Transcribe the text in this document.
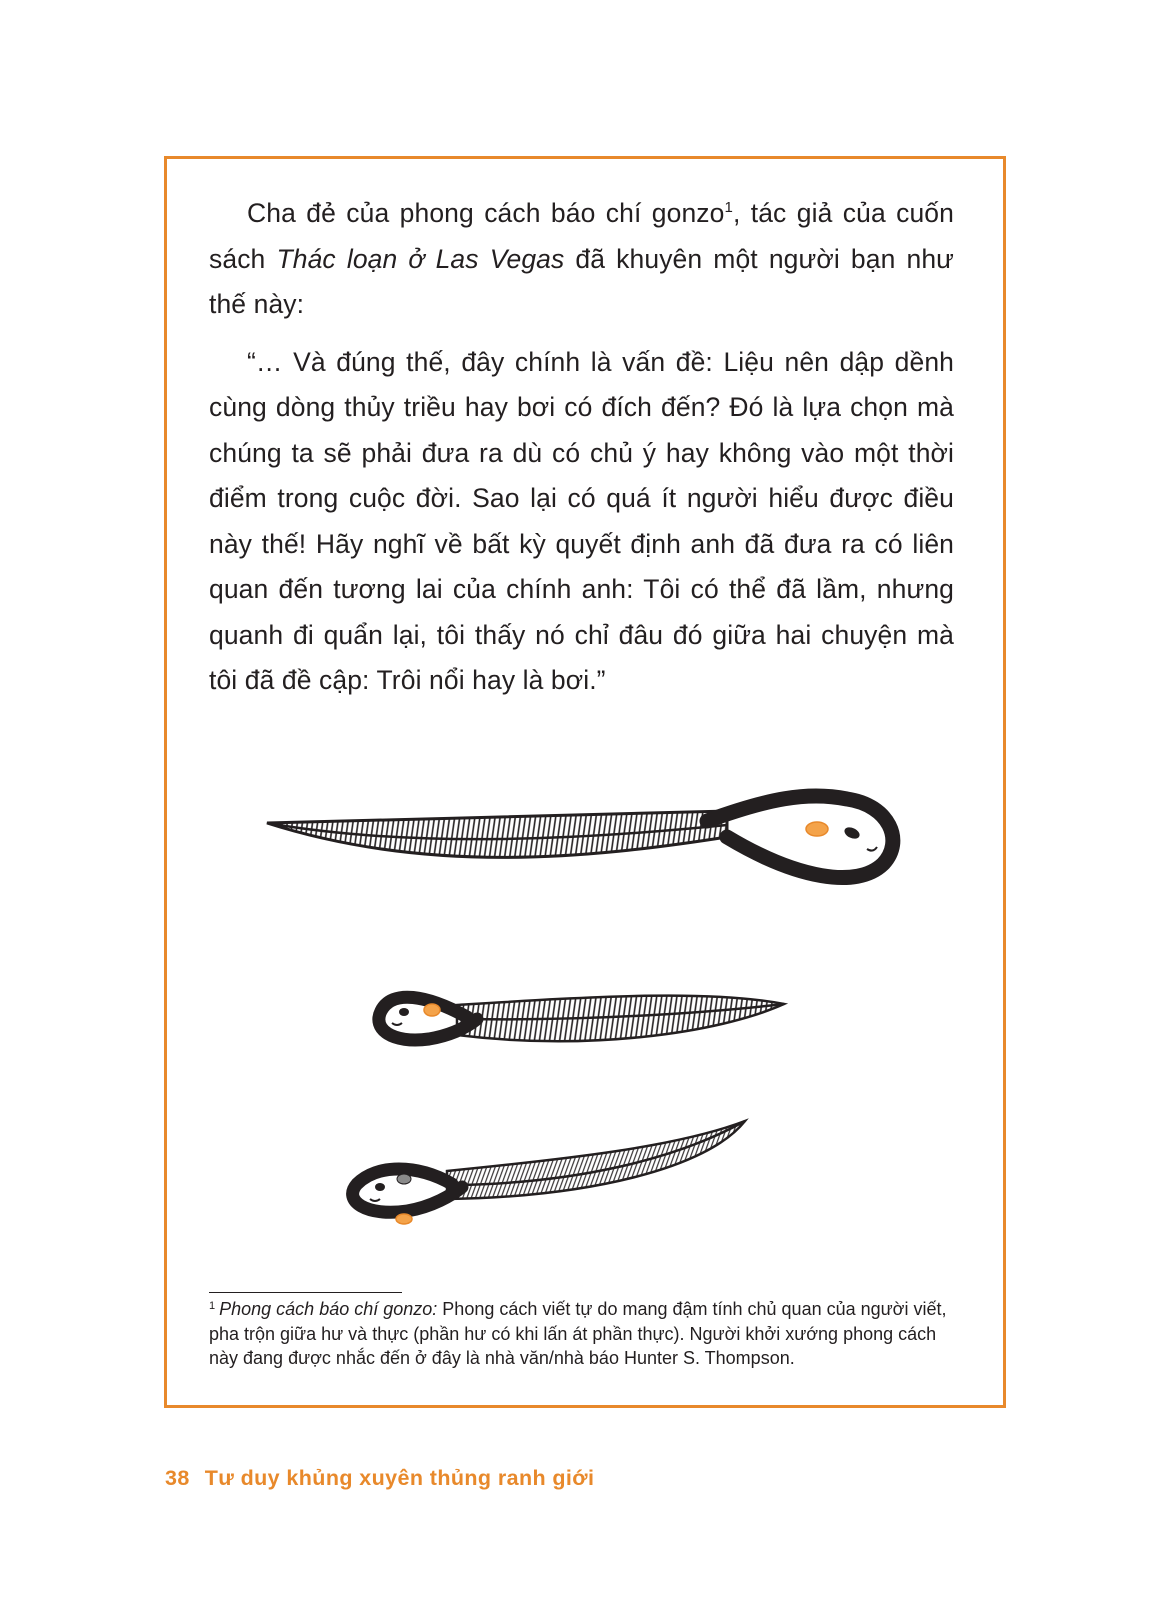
Cha đẻ của phong cách báo chí gonzo$^1$, tác giả của cuốn sách Thác loạn ở Las Vegas đã khuyên một người bạn như thế này:

“… Và đúng thế, đây chính là vấn đề: Liệu nên dập dềnh cùng dòng thủy triều hay bơi có đích đến? Đó là lựa chọn mà chúng ta sẽ phải đưa ra dù có chủ ý hay không vào một thời điểm trong cuộc đời. Sao lại có quá ít người hiểu được điều này thế! Hãy nghĩ về bất kỳ quyết định anh đã đưa ra có liên quan đến tương lai của chính anh: Tôi có thể đã lầm, nhưng quanh đi quẩn lại, tôi thấy nó chỉ đâu đó giữa hai chuyện mà tôi đã đề cập: Trôi nổi hay là bơi.”

$^1$ Phong cách báo chí gonzo: Phong cách viết tự do mang đậm tính chủ quan của người viết, pha trộn giữa hư và thực (phần hư có khi lấn át phần thực). Người khởi xướng phong cách này đang được nhắc đến ở đây là nhà văn/nhà báo Hunter S. Thompson.
38 Tư duy khủng xuyên thủng ranh giới
